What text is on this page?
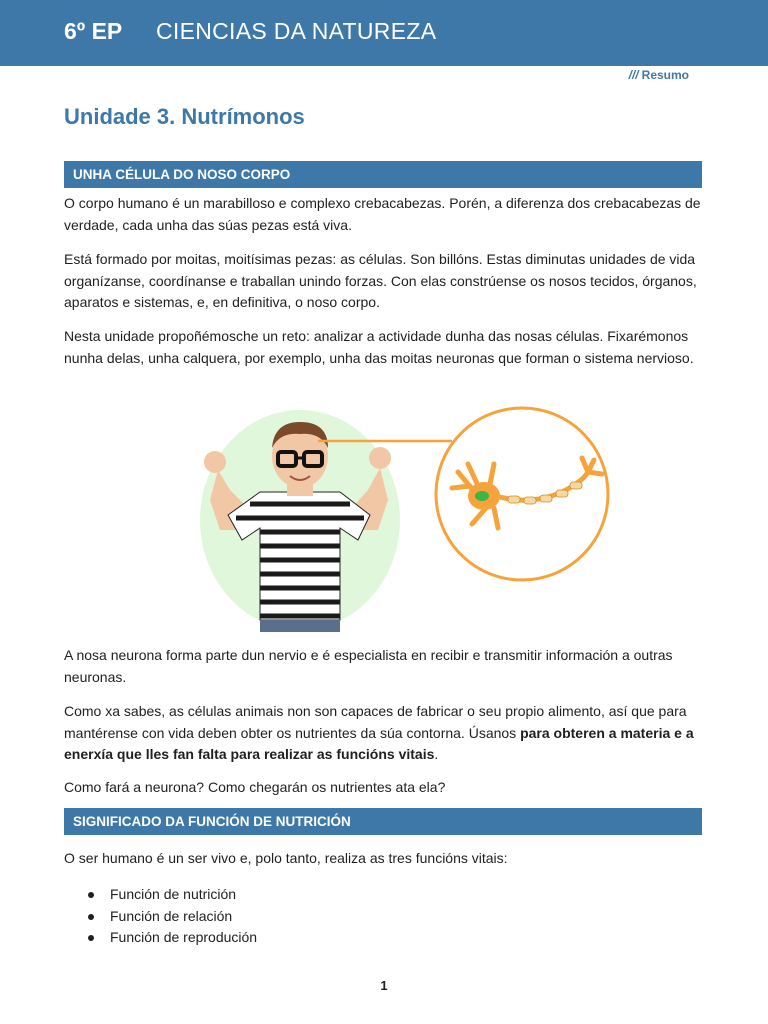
6º EP CIENCIAS DA NATUREZA
/// Resumo
Unidade 3. Nutrímonos
UNHA CÉLULA DO NOSO CORPO

O corpo humano é un marabilloso e complexo crebacabezas. Porén, a diferenza dos crebacabezas de verdade, cada unha das súas pezas está viva.

Está formado por moitas, moitísimas pezas: as células. Son billóns. Estas diminutas unidades de vida organízanse, coordínanse e traballan unindo forzas. Con elas constrúense os nosos tecidos, órganos, aparatos e sistemas, e, en definitiva, o noso corpo.

Nesta unidade propoñémosche un reto: analizar a actividade dunha das nosas células. Fixarémonos nunha delas, unha calquera, por exemplo, unha das moitas neuronas que forman o sistema nervioso.

A nosa neurona forma parte dun nervio e é especialista en recibir e transmitir información a outras neuronas.

Como xa sabes, as células animais non son capaces de fabricar o seu propio alimento, así que para mantérense con vida deben obter os nutrientes da súa contorna. Úsanos para obteren a materia e a enerxía que lles fan falta para realizar as funcións vitais.

Como fará a neurona? Como chegarán os nutrientes ata ela?

SIGNIFICADO DA FUNCIÓN DE NUTRICIÓN

O ser humano é un ser vivo e, polo tanto, realiza as tres funcións vitais:

Función de nutrición
Función de relación
Función de reprodución
1
